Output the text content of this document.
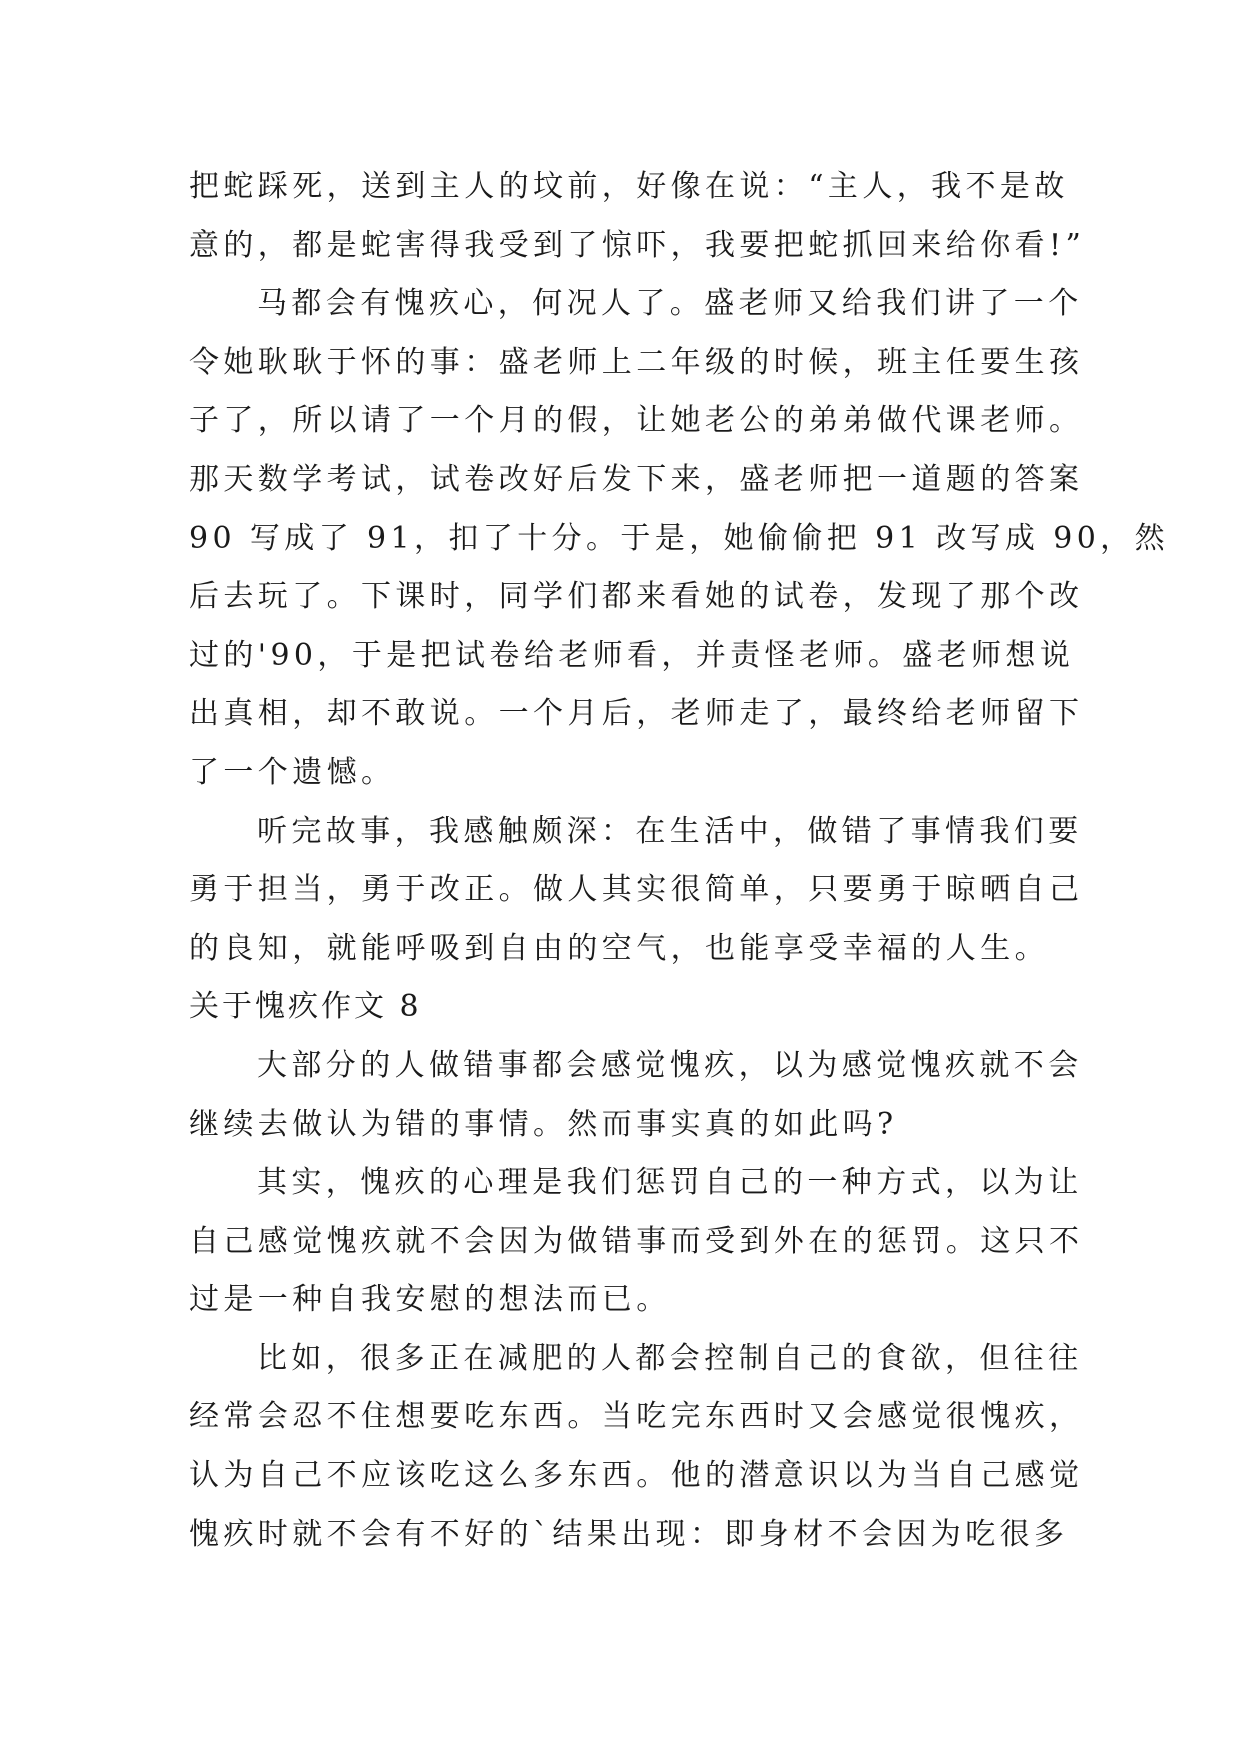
把蛇踩死，送到主人的坟前，好像在说：“主人，我不是故
意的，都是蛇害得我受到了惊吓，我要把蛇抓回来给你看!”
马都会有愧疚心，何况人了。盛老师又给我们讲了一个
令她耿耿于怀的事：盛老师上二年级的时候，班主任要生孩
子了，所以请了一个月的假，让她老公的弟弟做代课老师。
那天数学考试，试卷改好后发下来，盛老师把一道题的答案
90 写成了 91，扣了十分。于是，她偷偷把 91 改写成 90，然
后去玩了。下课时，同学们都来看她的试卷，发现了那个改
过的'90，于是把试卷给老师看，并责怪老师。盛老师想说
出真相，却不敢说。一个月后，老师走了，最终给老师留下
了一个遗憾。
听完故事，我感触颇深：在生活中，做错了事情我们要
勇于担当，勇于改正。做人其实很简单，只要勇于晾晒自己
的良知，就能呼吸到自由的空气，也能享受幸福的人生。
关于愧疚作文 8
大部分的人做错事都会感觉愧疚，以为感觉愧疚就不会
继续去做认为错的事情。然而事实真的如此吗?
其实，愧疚的心理是我们惩罚自己的一种方式，以为让
自己感觉愧疚就不会因为做错事而受到外在的惩罚。这只不
过是一种自我安慰的想法而已。
比如，很多正在减肥的人都会控制自己的食欲，但往往
经常会忍不住想要吃东西。当吃完东西时又会感觉很愧疚，
认为自己不应该吃这么多东西。他的潜意识以为当自己感觉
愧疚时就不会有不好的`结果出现：即身材不会因为吃很多
